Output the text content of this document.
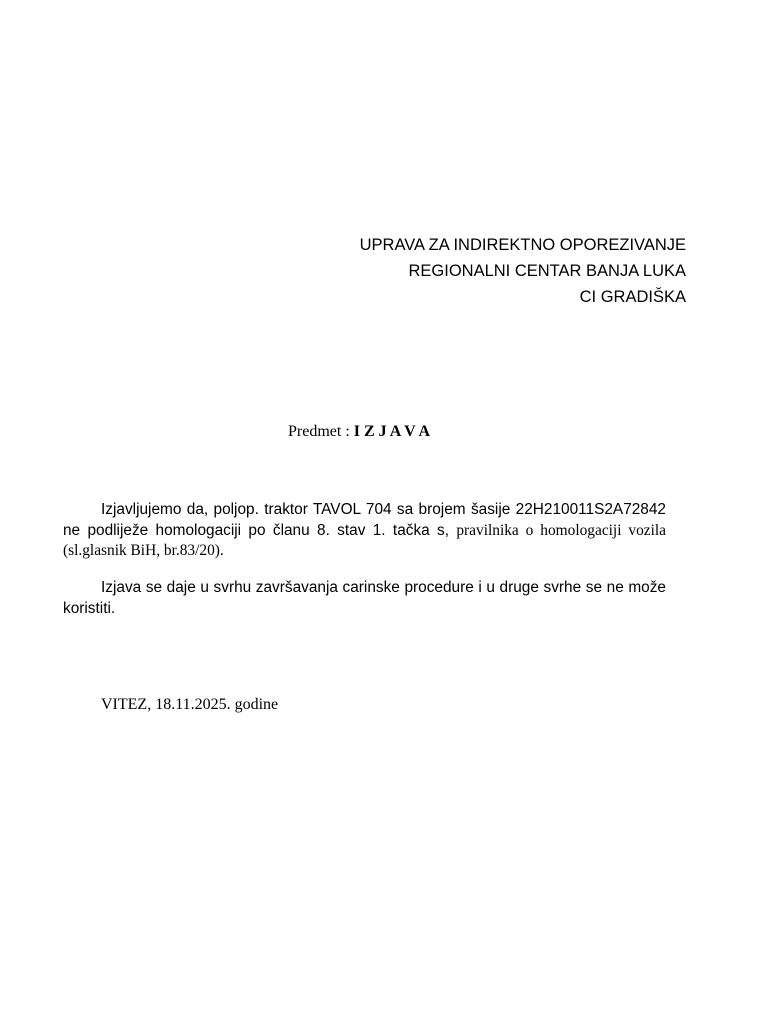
UPRAVA ZA INDIREKTNO OPOREZIVANJE
REGIONALNI CENTAR BANJA LUKA
CI GRADIŠKA
Predmet : I Z J A V A

Izjavljujemo da, poljop. traktor TAVOL 704 sa brojem šasije 22H210011S2A72842 ne podliježe homologaciji po članu 8. stav 1. tačka s, pravilnika o homologaciji vozila (sl.glasnik BiH, br.83/20).

Izjava se daje u svrhu završavanja carinske procedure i u druge svrhe se ne može koristiti.

VITEZ, 18.11.2025. godine
